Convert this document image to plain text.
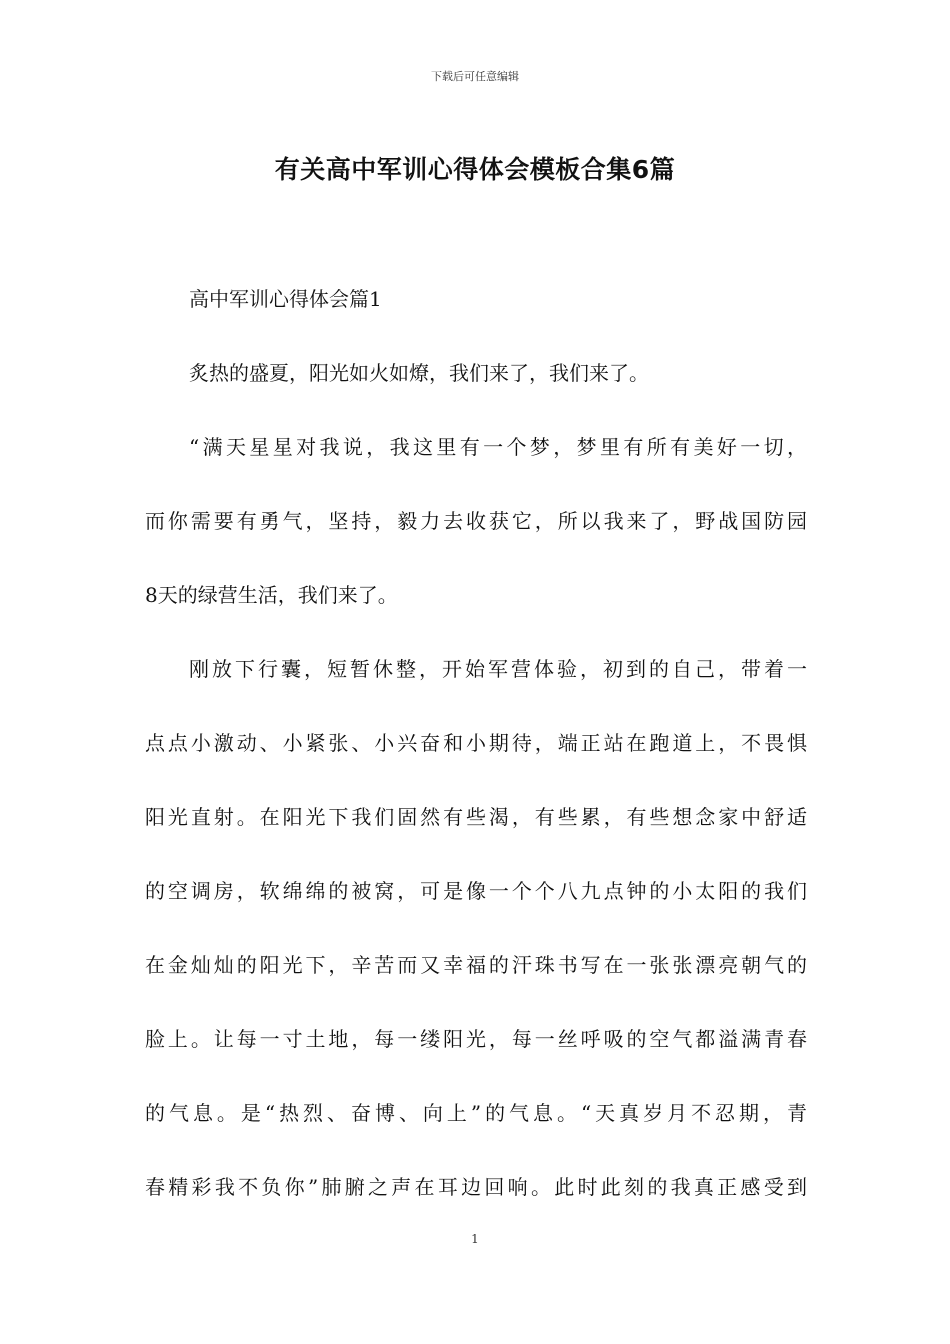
下载后可任意编辑
有关高中军训心得体会模板合集6篇
高中军训心得体会篇1
炙热的盛夏，阳光如火如燎，我们来了，我们来了。
“满天星星对我说，我这里有一个梦，梦里有所有美好一切，
而你需要有勇气，坚持，毅力去收获它，所以我来了，野战国防园
8天的绿营生活，我们来了。
刚放下行囊，短暂休整，开始军营体验，初到的自己，带着一
点点小激动、小紧张、小兴奋和小期待，端正站在跑道上，不畏惧
阳光直射。在阳光下我们固然有些渴，有些累，有些想念家中舒适
的空调房，软绵绵的被窝，可是像一个个八九点钟的小太阳的我们
在金灿灿的阳光下，辛苦而又幸福的汗珠书写在一张张漂亮朝气的
脸上。让每一寸土地，每一缕阳光，每一丝呼吸的空气都溢满青春
的气息。是“热烈、奋博、向上”的气息。“天真岁月不忍期，青
春精彩我不负你”肺腑之声在耳边回响。此时此刻的我真正感受到
1
